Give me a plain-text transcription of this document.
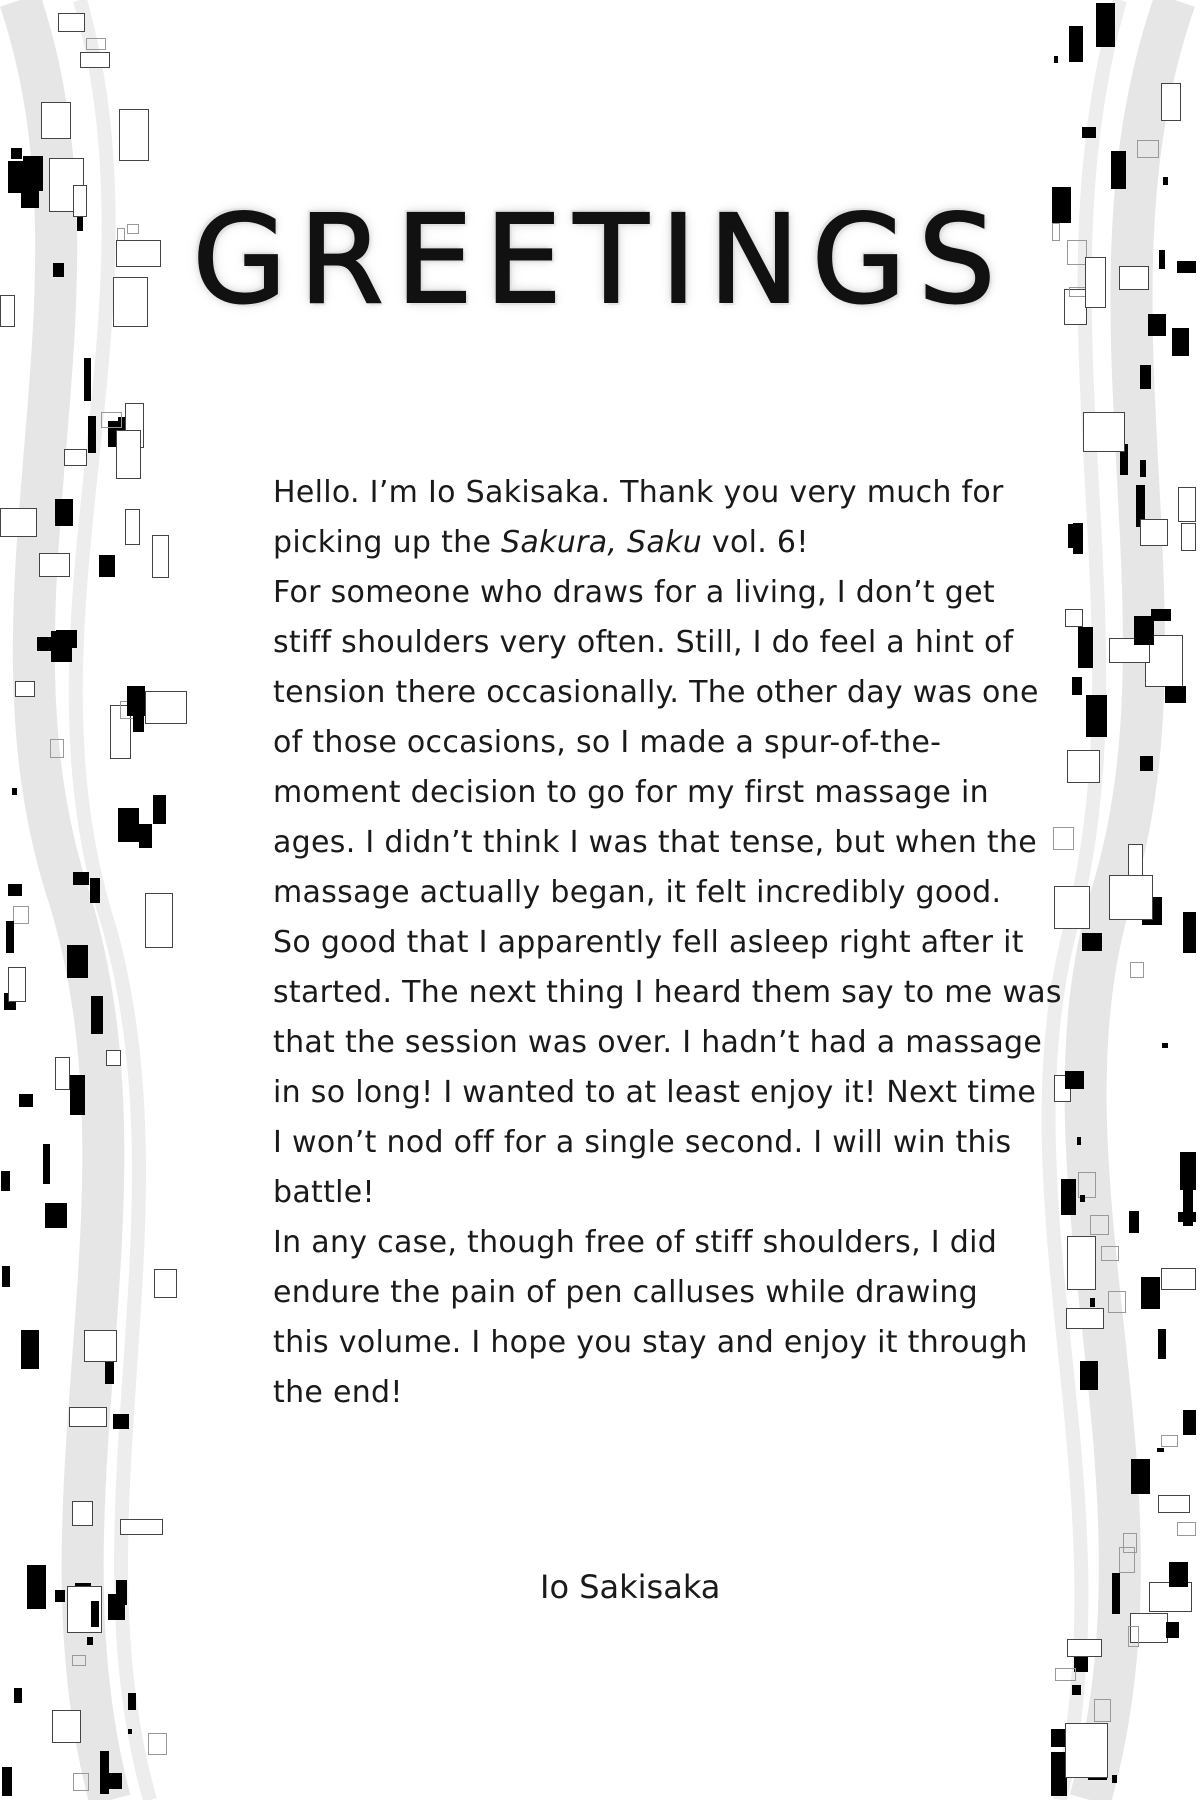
GREETINGS
Hello. I’m Io Sakisaka. Thank you very much for
picking up the Sakura, Saku vol. 6!
For someone who draws for a living, I don’t get
stiff shoulders very often. Still, I do feel a hint of
tension there occasionally. The other day was one
of those occasions, so I made a spur-of-the-
moment decision to go for my first massage in
ages. I didn’t think I was that tense, but when the
massage actually began, it felt incredibly good.
So good that I apparently fell asleep right after it
started. The next thing I heard them say to me was
that the session was over. I hadn’t had a massage
in so long! I wanted to at least enjoy it! Next time
I won’t nod off for a single second. I will win this
battle!
In any case, though free of stiff shoulders, I did
endure the pain of pen calluses while drawing
this volume. I hope you stay and enjoy it through
the end!
Io Sakisaka
